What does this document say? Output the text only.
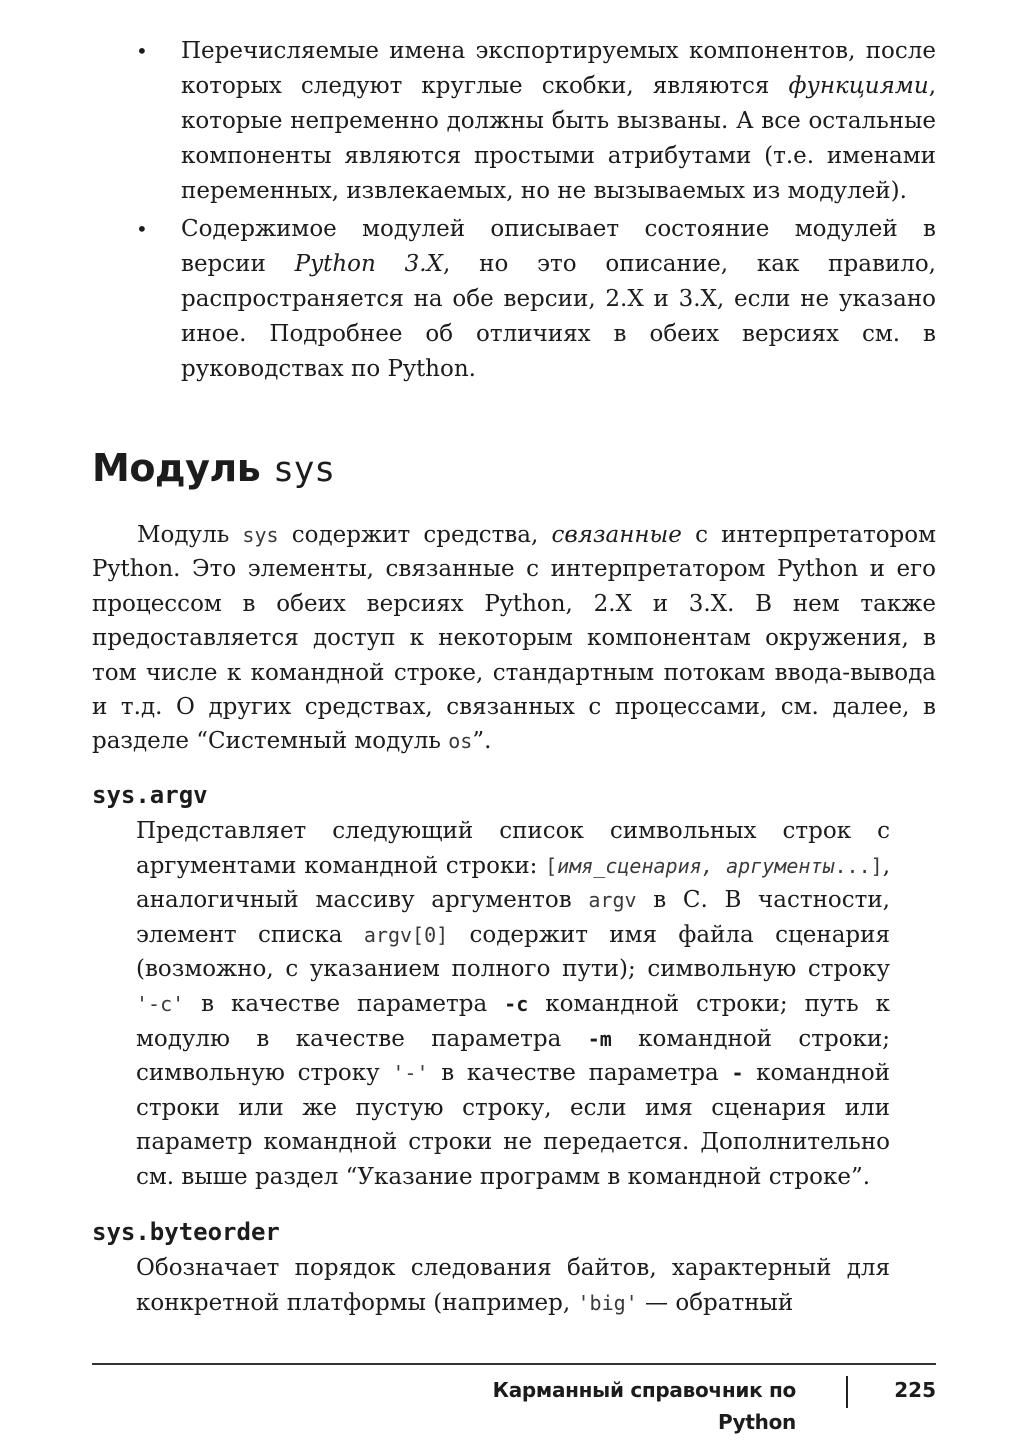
• Перечисляемые имена экспортируемых компонентов, после которых следуют круглые скобки, являются функциями, которые непременно должны быть вызваны. А все остальные компоненты являются простыми атрибутами (т.е. именами переменных, извлекаемых, но не вызываемых из модулей).
• Содержимое модулей описывает состояние модулей в версии Python 3.X, но это описание, как правило, распространяется на обе версии, 2.X и 3.X, если не указано иное. Подробнее об отличиях в обеих версиях см. в руководствах по Python.
Модуль sys

Модуль sys содержит средства, связанные с интерпретатором Python. Это элементы, связанные с интерпретатором Python и его процессом в обеих версиях Python, 2.X и 3.X. В нем также предоставляется доступ к некоторым компонентам окружения, в том числе к командной строке, стандартным потокам ввода-вывода и т.д. О других средствах, связанных с процессами, см. далее, в разделе “Системный модуль os”.

sys.argv

Представляет следующий список символьных строк с аргументами командной строки: [имя_сценария, аргументы...], аналогичный массиву аргументов argv в С. В частности, элемент списка argv[0] содержит имя файла сценария (возможно, с указанием полного пути); символьную строку '-c' в качестве параметра -c командной строки; путь к модулю в качестве параметра -m командной строки; символьную строку '-' в качестве параметра - командной строки или же пустую строку, если имя сценария или параметр командной строки не передается. Дополнительно см. выше раздел “Указание программ в командной строке”.

sys.byteorder

Обозначает порядок следования байтов, характерный для конкретной платформы (например, 'big' — обратный

Карманный справочник по Python
225
